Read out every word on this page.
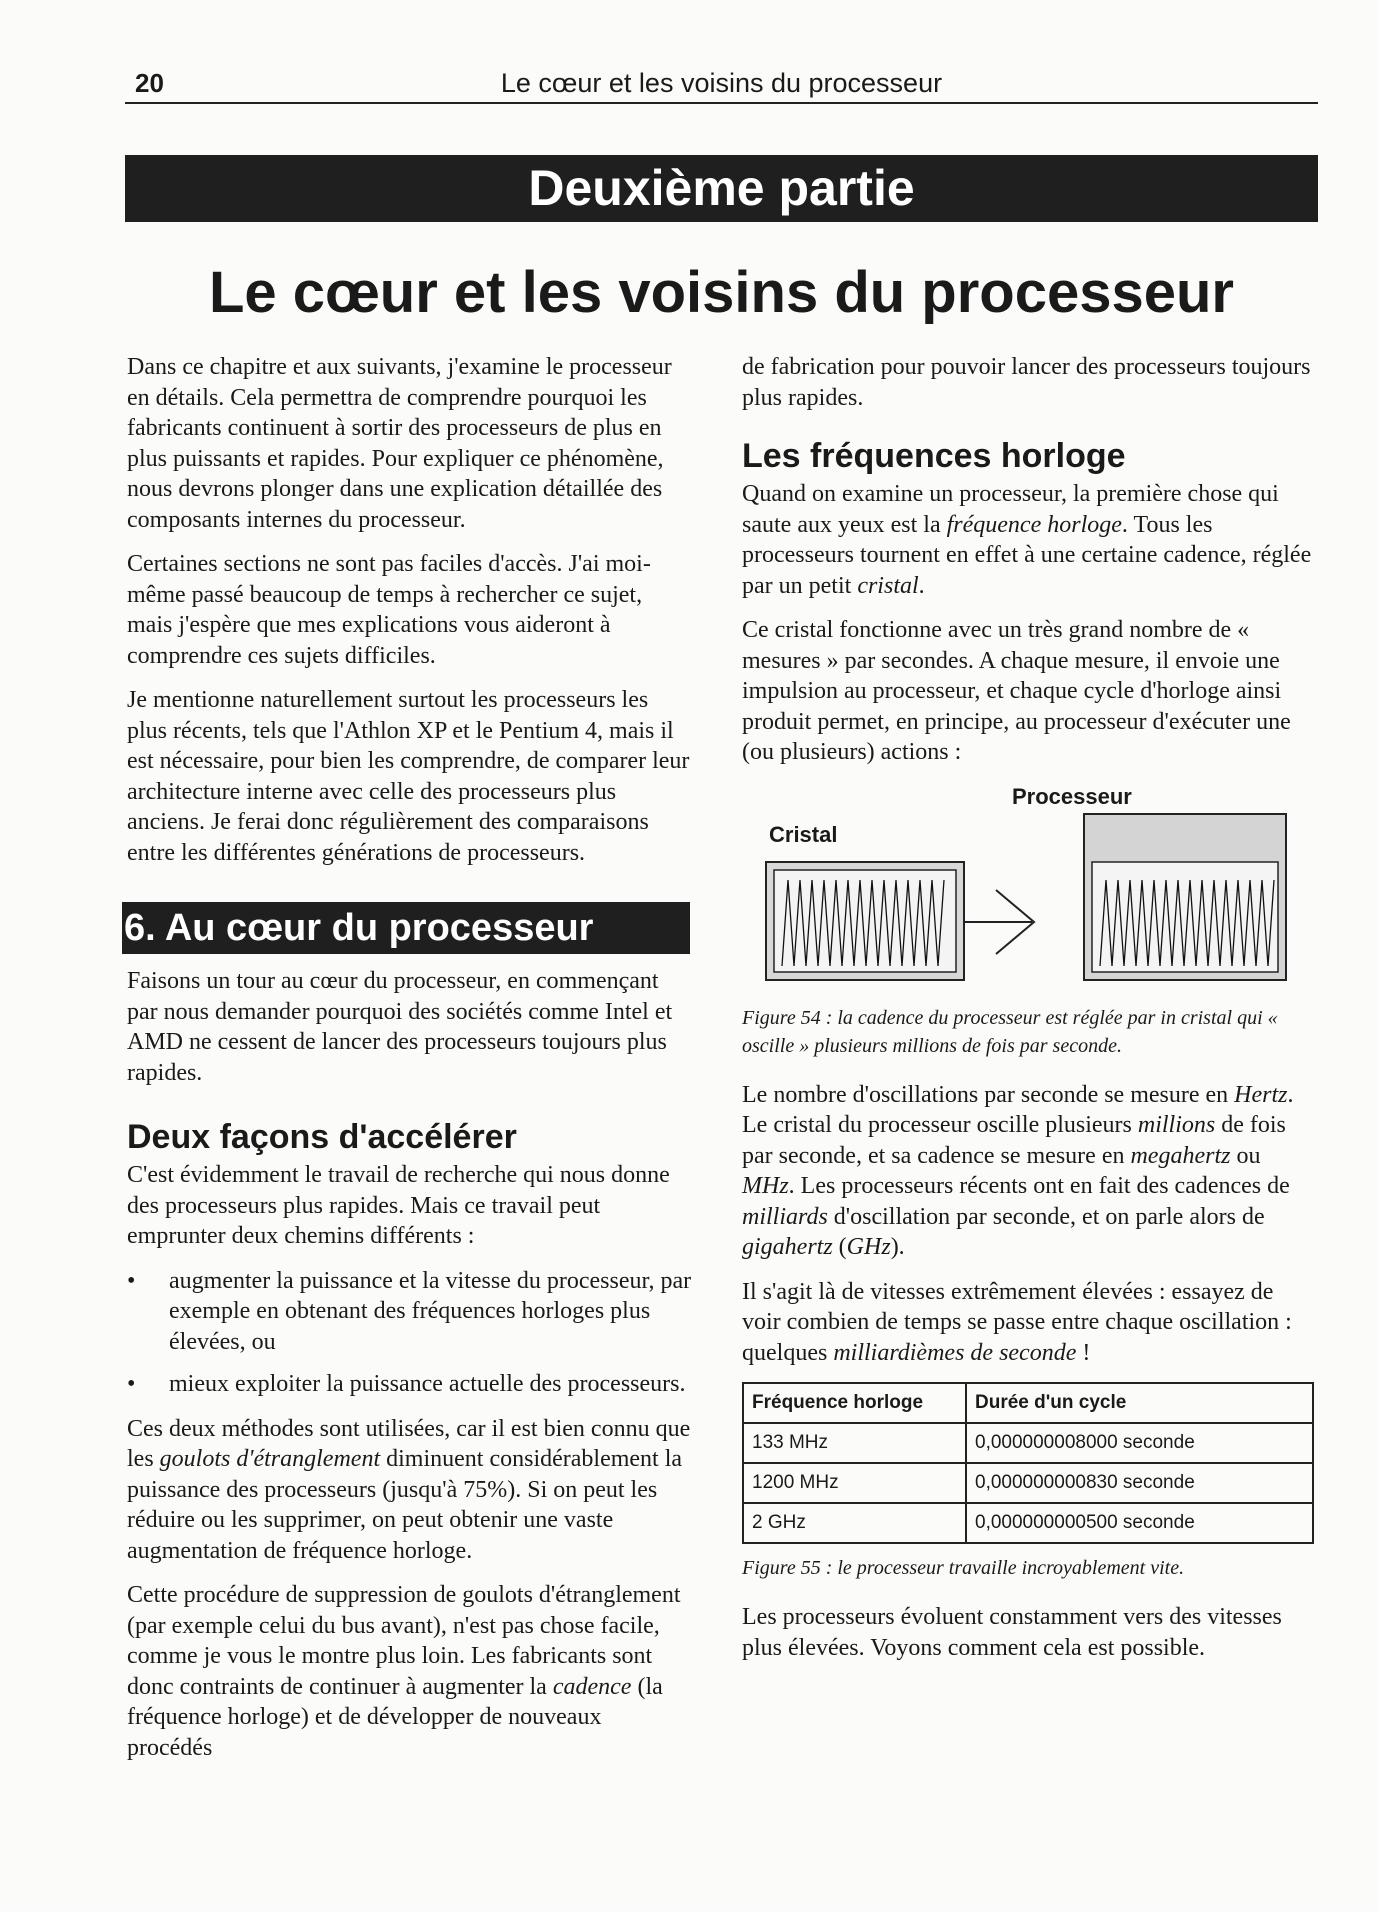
20	Le cœur et les voisins du processeur
Deuxième partie
Le cœur et les voisins du processeur

Dans ce chapitre et aux suivants, j'examine le processeur en détails. Cela permettra de comprendre pourquoi les fabricants continuent à sortir des processeurs de plus en plus puissants et rapides. Pour expliquer ce phénomène, nous devrons plonger dans une explication détaillée des composants internes du processeur.

Certaines sections ne sont pas faciles d'accès. J'ai moi-même passé beaucoup de temps à rechercher ce sujet, mais j'espère que mes explications vous aideront à comprendre ces sujets difficiles.

Je mentionne naturellement surtout les processeurs les plus récents, tels que l'Athlon XP et le Pentium 4, mais il est nécessaire, pour bien les comprendre, de comparer leur architecture interne avec celle des processeurs plus anciens. Je ferai donc régulièrement des comparaisons entre les différentes générations de processeurs.

6. Au cœur du processeur

Faisons un tour au cœur du processeur, en commençant par nous demander pourquoi des sociétés comme Intel et AMD ne cessent de lancer des processeurs toujours plus rapides.

Deux façons d'accélérer

C'est évidemment le travail de recherche qui nous donne des processeurs plus rapides. Mais ce travail peut emprunter deux chemins différents :

• augmenter la puissance et la vitesse du processeur, par exemple en obtenant des fréquences horloges plus élevées, ou
• mieux exploiter la puissance actuelle des processeurs.

Ces deux méthodes sont utilisées, car il est bien connu que les goulots d'étranglement diminuent considérablement la puissance des processeurs (jusqu'à 75%). Si on peut les réduire ou les supprimer, on peut obtenir une vaste augmentation de fréquence horloge.

Cette procédure de suppression de goulots d'étranglement (par exemple celui du bus avant), n'est pas chose facile, comme je vous le montre plus loin. Les fabricants sont donc contraints de continuer à augmenter la cadence (la fréquence horloge) et de développer de nouveaux procédés

de fabrication pour pouvoir lancer des processeurs toujours plus rapides.

Les fréquences horloge

Quand on examine un processeur, la première chose qui saute aux yeux est la fréquence horloge. Tous les processeurs tournent en effet à une certaine cadence, réglée par un petit cristal.

Ce cristal fonctionne avec un très grand nombre de « mesures » par secondes. A chaque mesure, il envoie une impulsion au processeur, et chaque cycle d'horloge ainsi produit permet, en principe, au processeur d'exécuter une (ou plusieurs) actions :

Processeur
Cristal

Figure 54 : la cadence du processeur est réglée par in cristal qui « oscille » plusieurs millions de fois par seconde.

Le nombre d'oscillations par seconde se mesure en Hertz. Le cristal du processeur oscille plusieurs millions de fois par seconde, et sa cadence se mesure en megahertz ou MHz. Les processeurs récents ont en fait des cadences de milliards d'oscillation par seconde, et on parle alors de gigahertz (GHz).

Il s'agit là de vitesses extrêmement élevées : essayez de voir combien de temps se passe entre chaque oscillation : quelques milliardièmes de seconde !

Fréquence horloge	Durée d'un cycle
133 MHz	0,000000008000 seconde
1200 MHz	0,000000000830 seconde
2 GHz	0,000000000500 seconde

Figure 55 : le processeur travaille incroyablement vite.

Les processeurs évoluent constamment vers des vitesses plus élevées. Voyons comment cela est possible.
